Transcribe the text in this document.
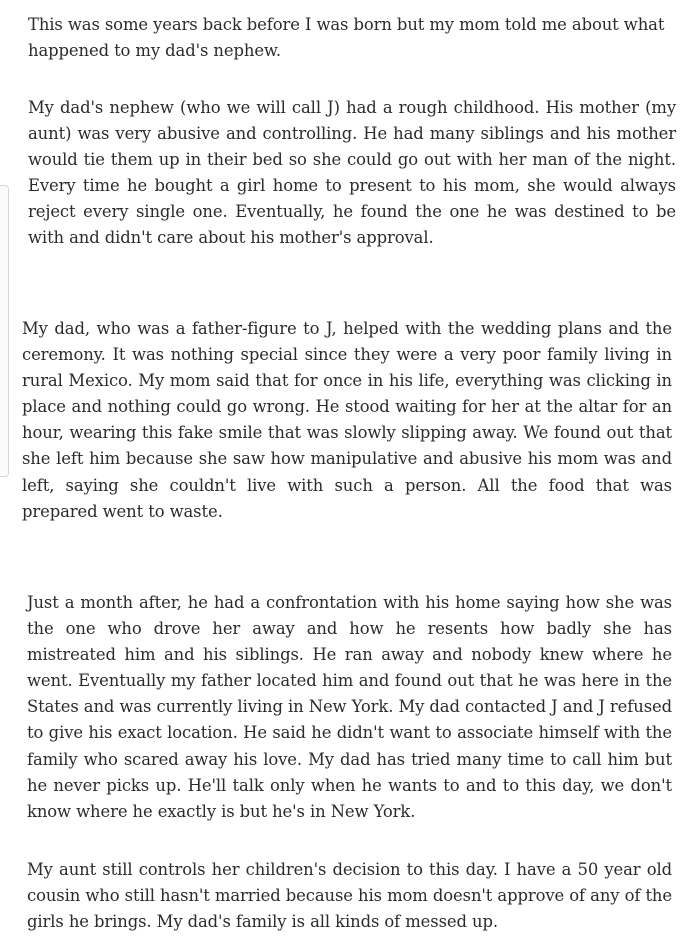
This was some years back before I was born but my mom told me about what happened to my dad's nephew.

My dad's nephew (who we will call J) had a rough childhood. His mother (my aunt) was very abusive and controlling. He had many siblings and his mother would tie them up in their bed so she could go out with her man of the night. Every time he bought a girl home to present to his mom, she would always reject every single one. Eventually, he found the one he was destined to be with and didn't care about his mother's approval.

My dad, who was a father-figure to J, helped with the wedding plans and the ceremony. It was nothing special since they were a very poor family living in rural Mexico. My mom said that for once in his life, everything was clicking in place and nothing could go wrong. He stood waiting for her at the altar for an hour, wearing this fake smile that was slowly slipping away. We found out that she left him because she saw how manipulative and abusive his mom was and left, saying she couldn't live with such a person. All the food that was prepared went to waste.

Just a month after, he had a confrontation with his home saying how she was the one who drove her away and how he resents how badly she has mistreated him and his siblings. He ran away and nobody knew where he went. Eventually my father located him and found out that he was here in the States and was currently living in New York. My dad contacted J and J refused to give his exact location. He said he didn't want to associate himself with the family who scared away his love. My dad has tried many time to call him but he never picks up. He'll talk only when he wants to and to this day, we don't know where he exactly is but he's in New York.

My aunt still controls her children's decision to this day. I have a 50 year old cousin who still hasn't married because his mom doesn't approve of any of the girls he brings. My dad's family is all kinds of messed up.
